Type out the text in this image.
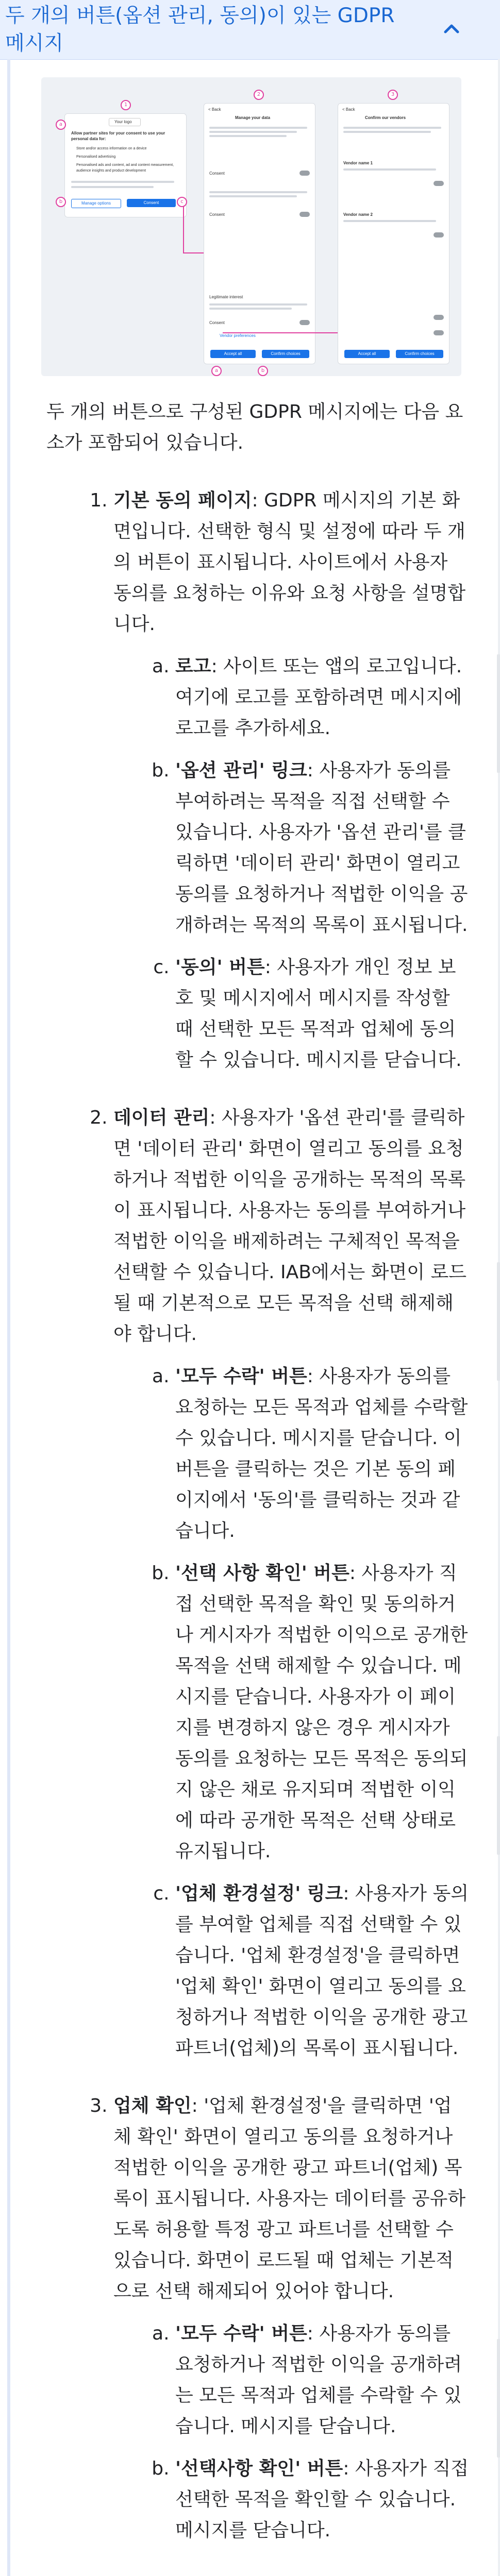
두 개의 버튼(옵션 관리, 동의)이 있는 GDPR 메시지
Your logo
Allow partner sites for your consent to use your personal data for:
Store and/or access information on a device
Personalised advertising
Personalised ads and content, ad and content measurement, audience insights and product development
Manage options	Consent
< Back
Manage your data
Consent
Consent
Legitimate interest
Consent
Vendor preferences
Accept all	Confirm choices
< Back
Confirm our vendors
Vendor name 1
Vendor name 2
Accept all	Confirm choices
1
2	3
a
b	c
a	b

두 개의 버튼으로 구성된 GDPR 메시지에는 다음 요소가 포함되어 있습니다.

1. 기본 동의 페이지: GDPR 메시지의 기본 화면입니다. 선택한 형식 및 설정에 따라 두 개의 버튼이 표시됩니다. 사이트에서 사용자 동의를 요청하는 이유와 요청 사항을 설명합니다.
a. 로고: 사이트 또는 앱의 로고입니다. 여기에 로고를 포함하려면 메시지에 로고를 추가하세요.
b. '옵션 관리' 링크: 사용자가 동의를 부여하려는 목적을 직접 선택할 수 있습니다. 사용자가 '옵션 관리'를 클릭하면 '데이터 관리' 화면이 열리고 동의를 요청하거나 적법한 이익을 공개하려는 목적의 목록이 표시됩니다.
c. '동의' 버튼: 사용자가 개인 정보 보호 및 메시지에서 메시지를 작성할 때 선택한 모든 목적과 업체에 동의할 수 있습니다. 메시지를 닫습니다.
2. 데이터 관리: 사용자가 '옵션 관리'를 클릭하면 '데이터 관리' 화면이 열리고 동의를 요청하거나 적법한 이익을 공개하는 목적의 목록이 표시됩니다. 사용자는 동의를 부여하거나 적법한 이익을 배제하려는 구체적인 목적을 선택할 수 있습니다. IAB에서는 화면이 로드될 때 기본적으로 모든 목적을 선택 해제해야 합니다.
a. '모두 수락' 버튼: 사용자가 동의를 요청하는 모든 목적과 업체를 수락할 수 있습니다. 메시지를 닫습니다. 이 버튼을 클릭하는 것은 기본 동의 페이지에서 '동의'를 클릭하는 것과 같습니다.
b. '선택 사항 확인' 버튼: 사용자가 직접 선택한 목적을 확인 및 동의하거나 게시자가 적법한 이익으로 공개한 목적을 선택 해제할 수 있습니다. 메시지를 닫습니다. 사용자가 이 페이지를 변경하지 않은 경우 게시자가 동의를 요청하는 모든 목적은 동의되지 않은 채로 유지되며 적법한 이익에 따라 공개한 목적은 선택 상태로 유지됩니다.
c. '업체 환경설정' 링크: 사용자가 동의를 부여할 업체를 직접 선택할 수 있습니다. '업체 환경설정'을 클릭하면 '업체 확인' 화면이 열리고 동의를 요청하거나 적법한 이익을 공개한 광고 파트너(업체)의 목록이 표시됩니다.
3. 업체 확인: '업체 환경설정'을 클릭하면 '업체 확인' 화면이 열리고 동의를 요청하거나 적법한 이익을 공개한 광고 파트너(업체) 목록이 표시됩니다. 사용자는 데이터를 공유하도록 허용할 특정 광고 파트너를 선택할 수 있습니다. 화면이 로드될 때 업체는 기본적으로 선택 해제되어 있어야 합니다.
a. '모두 수락' 버튼: 사용자가 동의를 요청하거나 적법한 이익을 공개하려는 모든 목적과 업체를 수락할 수 있습니다. 메시지를 닫습니다.
b. '선택사항 확인' 버튼: 사용자가 직접 선택한 목적을 확인할 수 있습니다. 메시지를 닫습니다.
